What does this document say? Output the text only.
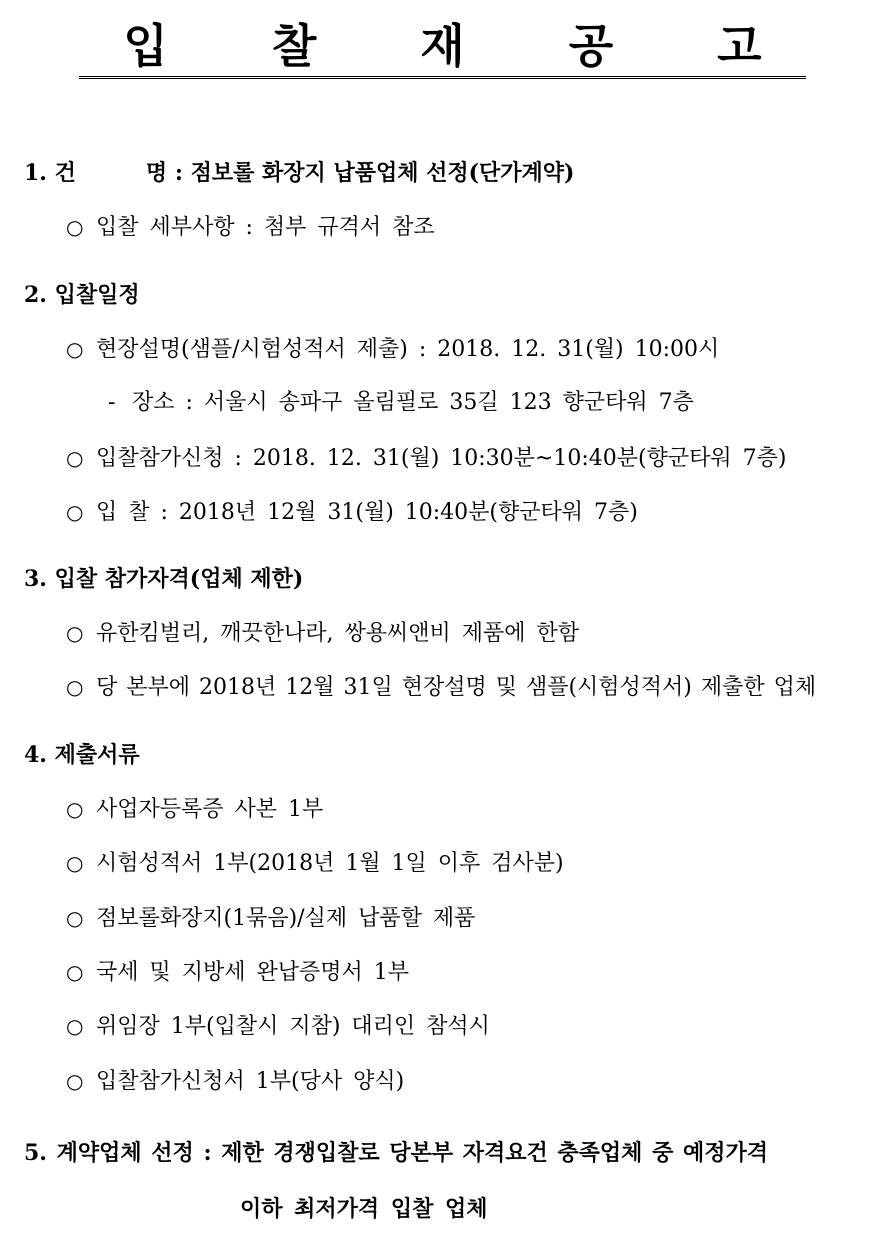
입 찰 재 공 고
1. 건	명 : 점보롤 화장지 납품업체 선정(단가계약)
○ 입찰 세부사항 : 첨부 규격서 참조
2. 입찰일정
○ 현장설명(샘플/시험성적서 제출) : 2018. 12. 31(월) 10:00시
- 장소 : 서울시 송파구 올림필로 35길 123 향군타워 7층
○ 입찰참가신청 : 2018. 12. 31(월) 10:30분~10:40분(향군타워 7층)
○ 입 찰 : 2018년 12월 31(월) 10:40분(향군타워 7층)
3. 입찰 참가자격(업체 제한)
○ 유한킴벌리, 깨끗한나라, 쌍용씨앤비 제품에 한함
○ 당 본부에 2018년 12월 31일 현장설명 및 샘플(시험성적서) 제출한 업체
4. 제출서류
○ 사업자등록증 사본 1부
○ 시험성적서 1부(2018년 1월 1일 이후 검사분)
○ 점보롤화장지(1묶음)/실제 납품할 제품
○ 국세 및 지방세 완납증명서 1부
○ 위임장 1부(입찰시 지참) 대리인 참석시
○ 입찰참가신청서 1부(당사 양식)
5. 계약업체 선정 : 제한 경쟁입찰로 당본부 자격요건 충족업체 중 예정가격
이하 최저가격 입찰 업체
